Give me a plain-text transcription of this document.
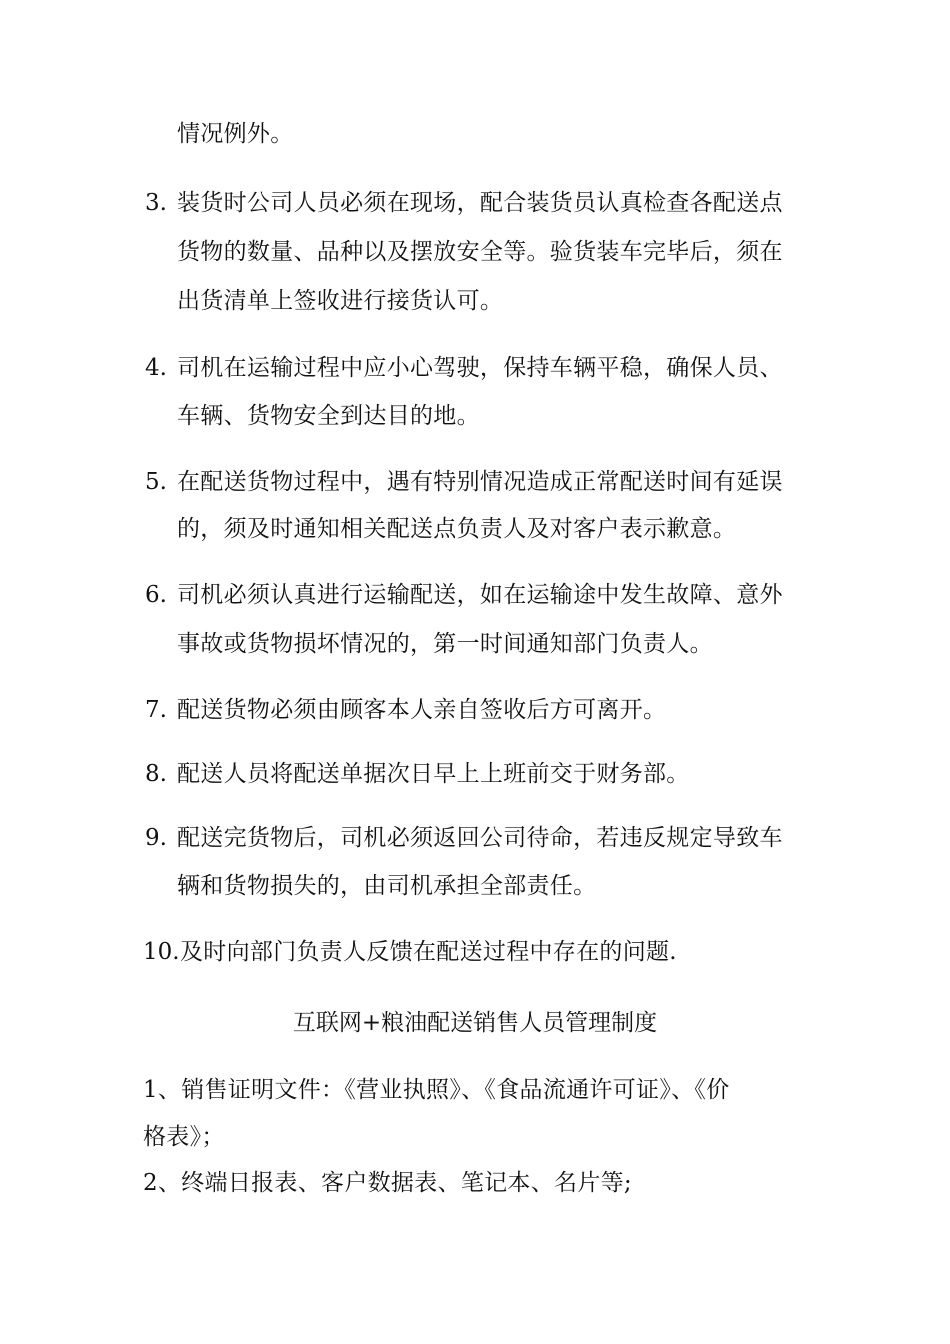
情况例外。
3. 装货时公司人员必须在现场，配合装货员认真检查各配送点
货物的数量、品种以及摆放安全等。验货装车完毕后，须在
出货清单上签收进行接货认可。
4. 司机在运输过程中应小心驾驶，保持车辆平稳，确保人员、
车辆、货物安全到达目的地。
5. 在配送货物过程中，遇有特别情况造成正常配送时间有延误
的，须及时通知相关配送点负责人及对客户表示歉意。
6. 司机必须认真进行运输配送，如在运输途中发生故障、意外
事故或货物损坏情况的，第一时间通知部门负责人。
7. 配送货物必须由顾客本人亲自签收后方可离开。
8. 配送人员将配送单据次日早上上班前交于财务部。
9. 配送完货物后，司机必须返回公司待命，若违反规定导致车
辆和货物损失的，由司机承担全部责任。
10. 及时向部门负责人反馈在配送过程中存在的问题.
互联网+粮油配送销售人员管理制度
1、销售证明文件：《营业执照》、《食品流通许可证》、《价
格表》；
2、终端日报表、客户数据表、笔记本、名片等;
